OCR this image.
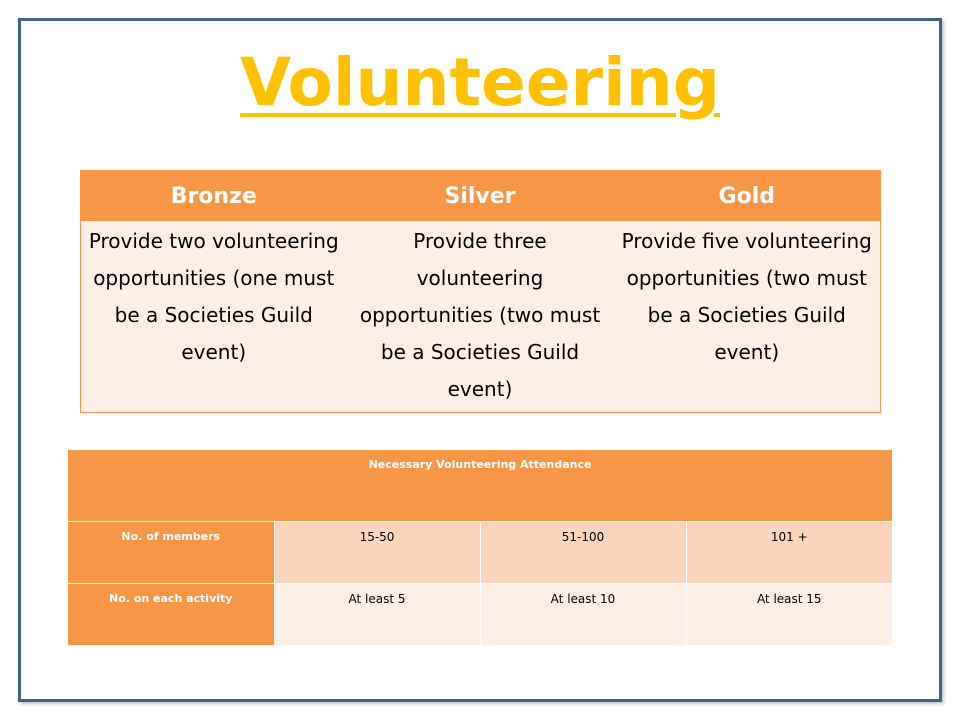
Volunteering
Bronze	Silver	Gold
Provide two volunteering opportunities (one must be a Societies Guild event)	Provide three volunteering opportunities (two must be a Societies Guild event)	Provide five volunteering opportunities (two must be a Societies Guild event)
Necessary Volunteering Attendance			
No. of members	15-50	51-100	101 +
No. on each activity	At least 5	At least 10	At least 15
